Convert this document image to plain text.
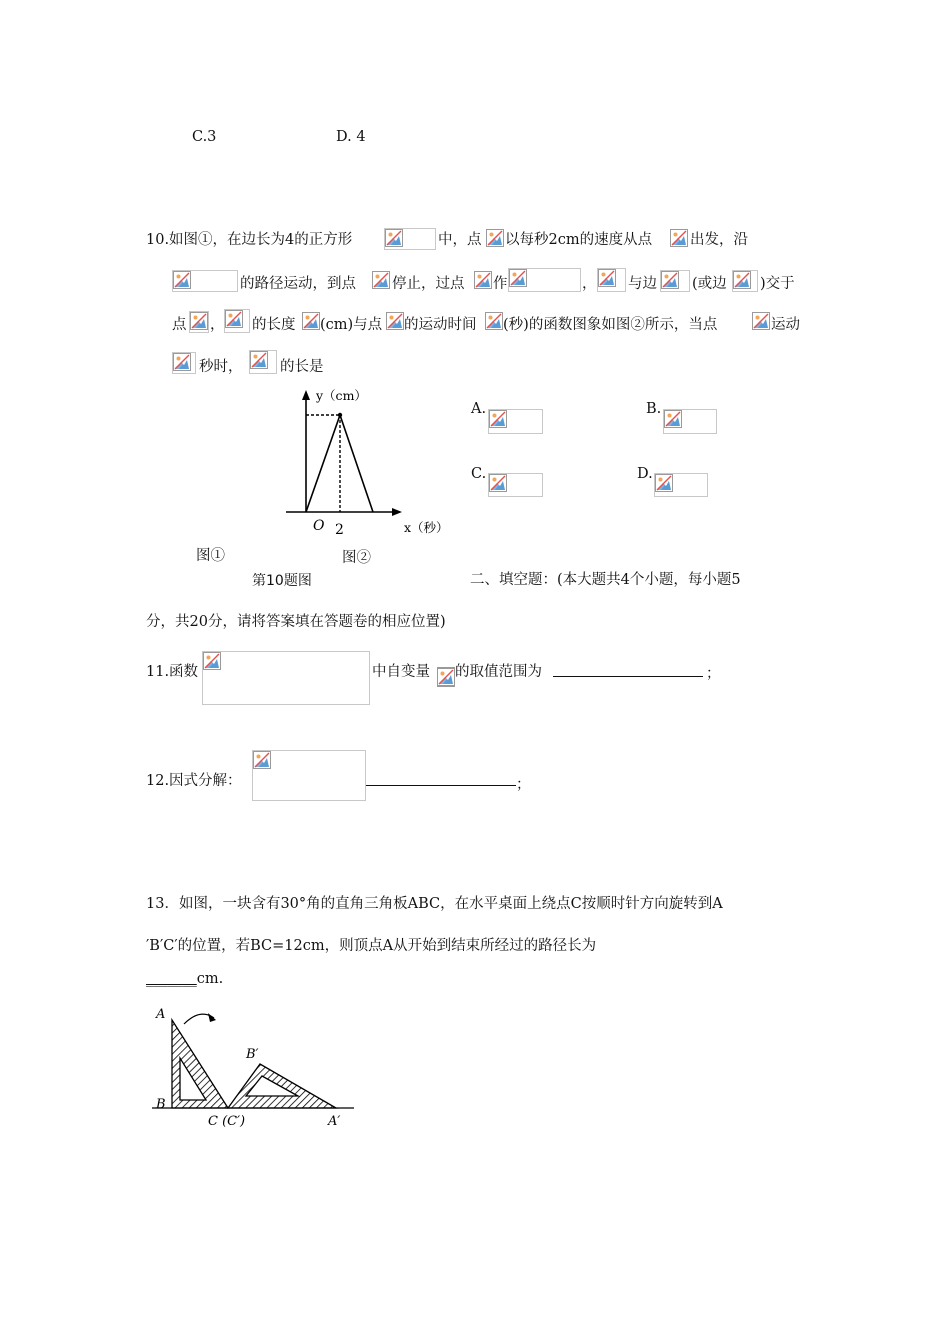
C.3	D. 4
10.如图①，在边长为4的正方形	中，点 以每秒2cm的速度从点	出发，沿
的路径运动，到点 停止，过点 作	， 与边 (或边 )交于
点 ， 的长度 (cm)与点 的运动时间 (秒)的函数图象如图②所示，当点	运动
秒时，	的长是
y（cm）
O 2	x（秒）
A.	B.
C.	D.
图①	图②
第10题图	二、填空题：(本大题共4个小题，每小题5
分，共20分，请将答案填在答题卷的相应位置)
11.函数	中自变量 的取值范围为	；
12.因式分解：	；
13．如图，一块含有30°角的直角三角板ABC，在水平桌面上绕点C按顺时针方向旋转到A
′B′C′的位置，若BC=12cm，则顶点A从开始到结束所经过的路径长为
_______cm.
A
B
C (C′)
B′
A′
